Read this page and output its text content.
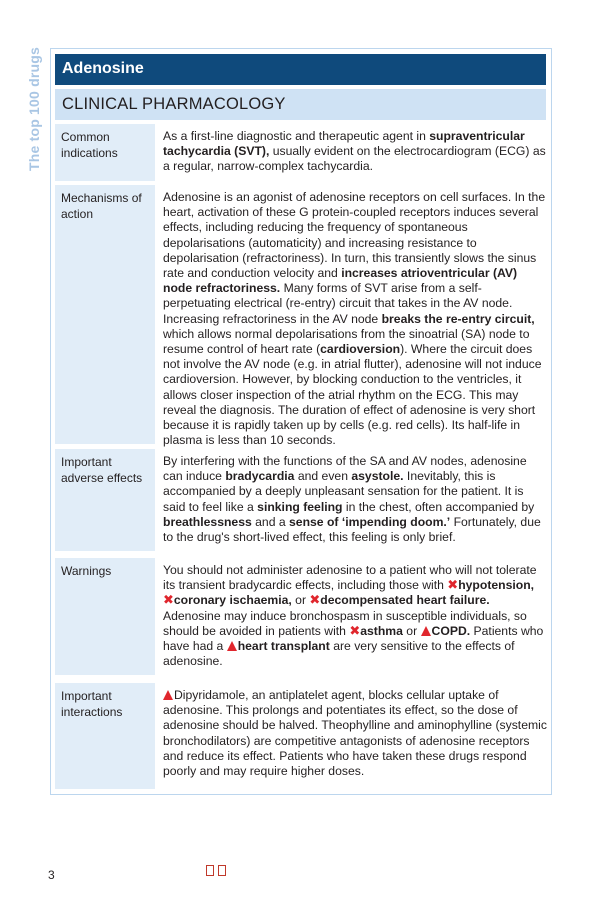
The top 100 drugs	Adenosine
CLINICAL PHARMACOLOGY
Common indications
As a first-line diagnostic and therapeutic agent in supraventricular tachycardia (SVT), usually evident on the electrocardiogram (ECG) as a regular, narrow-complex tachycardia.
Mechanisms of action
Adenosine is an agonist of adenosine receptors on cell surfaces. In the heart, activation of these G protein-coupled receptors induces several effects, including reducing the frequency of spontaneous depolarisations (automaticity) and increasing resistance to depolarisation (refractoriness). In turn, this transiently slows the sinus rate and conduction velocity and increases atrioventricular (AV) node refractoriness. Many forms of SVT arise from a self-perpetuating electrical (re-entry) circuit that takes in the AV node. Increasing refractoriness in the AV node breaks the re-entry circuit, which allows normal depolarisations from the sinoatrial (SA) node to resume control of heart rate (cardioversion). Where the circuit does not involve the AV node (e.g. in atrial flutter), adenosine will not induce cardioversion. However, by blocking conduction to the ventricles, it allows closer inspection of the atrial rhythm on the ECG. This may reveal the diagnosis. The duration of effect of adenosine is very short because it is rapidly taken up by cells (e.g. red cells). Its half-life in plasma is less than 10 seconds.
Important adverse effects
By interfering with the functions of the SA and AV nodes, adenosine can induce bradycardia and even asystole. Inevitably, this is accompanied by a deeply unpleasant sensation for the patient. It is said to feel like a sinking feeling in the chest, often accompanied by breathlessness and a sense of ‘impending doom.’ Fortunately, due to the drug's short-lived effect, this feeling is only brief.
Warnings	You should not administer adenosine to a patient who will not tolerate its transient bradycardic effects, including those with ✖hypotension, ✖coronary ischaemia, or ✖decompensated heart failure. Adenosine may induce bronchospasm in susceptible individuals, so should be avoided in patients with ✖asthma or COPD. Patients who have had a heart transplant are very sensitive to the effects of adenosine.
Important interactions
Dipyridamole, an antiplatelet agent, blocks cellular uptake of adenosine. This prolongs and potentiates its effect, so the dose of adenosine should be halved. Theophylline and aminophylline (systemic bronchodilators) are competitive antagonists of adenosine receptors and reduce its effect. Patients who have taken these drugs respond poorly and may require higher doses.
3
